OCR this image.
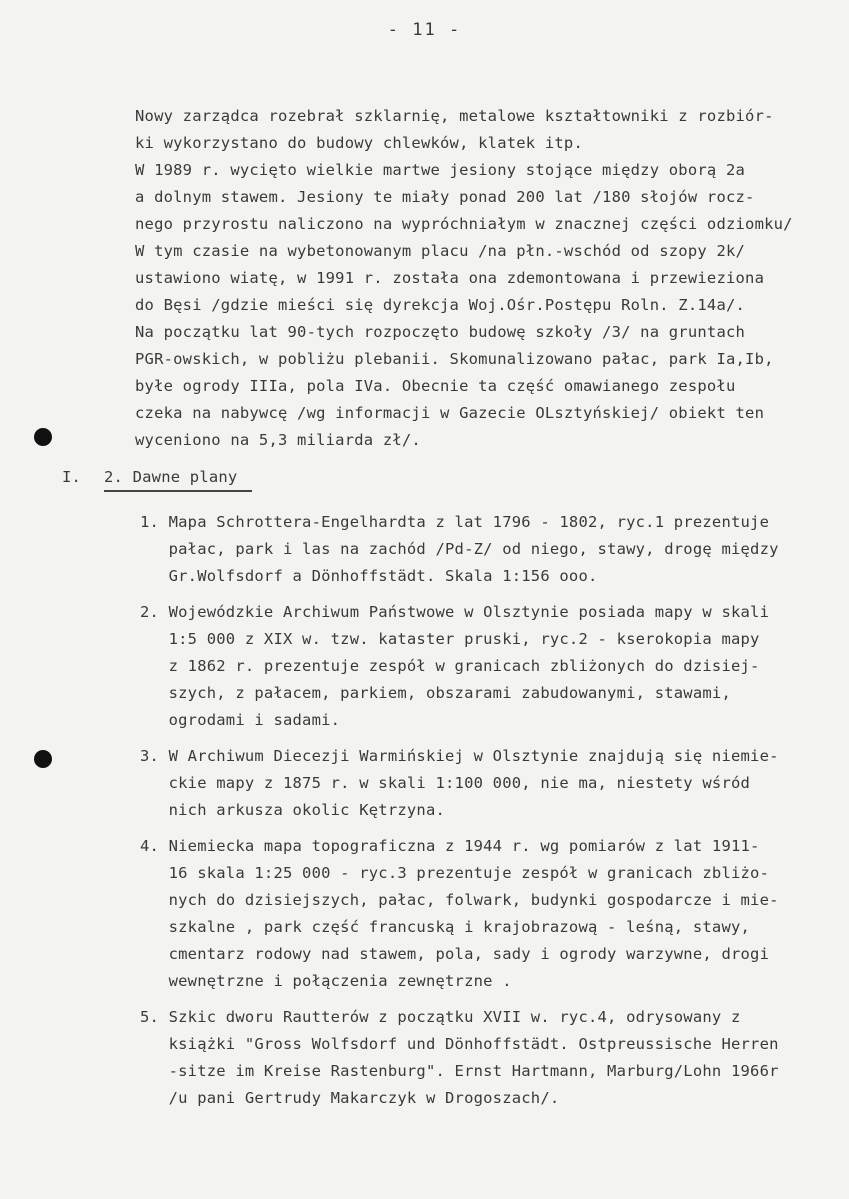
- 11 -
Nowy zarządca rozebrał szklarnię, metalowe kształtowniki z rozbiór-
ki wykorzystano do budowy chlewków, klatek itp.
W 1989 r. wycięto wielkie martwe jesiony stojące między oborą 2a
a dolnym stawem. Jesiony te miały ponad 200 lat /180 słojów rocz-
nego przyrostu naliczono na wypróchniałym w znacznej części odziomku/
W tym czasie na wybetonowanym placu /na płn.-wschód od szopy 2k/
ustawiono wiatę, w 1991 r. została ona zdemontowana i przewieziona
do Bęsi /gdzie mieści się dyrekcja Woj.Ośr.Postępu Roln. Z.14a/.
Na początku lat 90-tych rozpoczęto budowę szkoły /3/ na gruntach
PGR-owskich, w pobliżu plebanii. Skomunalizowano pałac, park Ia,Ib,
byłe ogrody IIIa, pola IVa. Obecnie ta część omawianego zespołu
czeka na nabywcę /wg informacji w Gazecie OLsztyńskiej/ obiekt ten
wyceniono na 5,3 miliarda zł/.
I. 2. Dawne plany
1. Mapa Schrottera-Engelhardta z lat 1796 - 1802, ryc.1 prezentuje
pałac, park i las na zachód /Pd-Z/ od niego, stawy, drogę między
Gr.Wolfsdorf a Dönhoffstädt. Skala 1:156 ooo.
2. Wojewódzkie Archiwum Państwowe w Olsztynie posiada mapy w skali
1:5 000 z XIX w. tzw. kataster pruski, ryc.2 - kserokopia mapy
z 1862 r. prezentuje zespół w granicach zbliżonych do dzisiej-
szych, z pałacem, parkiem, obszarami zabudowanymi, stawami,
ogrodami i sadami.
3. W Archiwum Diecezji Warmińskiej w Olsztynie znajdują się niemie-
ckie mapy z 1875 r. w skali 1:100 000, nie ma, niestety wśród
nich arkusza okolic Kętrzyna.
4. Niemiecka mapa topograficzna z 1944 r. wg pomiarów z lat 1911-
16 skala 1:25 000 - ryc.3 prezentuje zespół w granicach zbliżo-
nych do dzisiejszych, pałac, folwark, budynki gospodarcze i mie-
szkalne , park część francuską i krajobrazową - leśną, stawy,
cmentarz rodowy nad stawem, pola, sady i ogrody warzywne, drogi
wewnętrzne i połączenia zewnętrzne .
5. Szkic dworu Rautterów z początku XVII w. ryc.4, odrysowany z
książki "Gross Wolfsdorf und Dönhoffstädt. Ostpreussische Herren
-sitze im Kreise Rastenburg". Ernst Hartmann, Marburg/Lohn 1966r
/u pani Gertrudy Makarczyk w Drogoszach/.
